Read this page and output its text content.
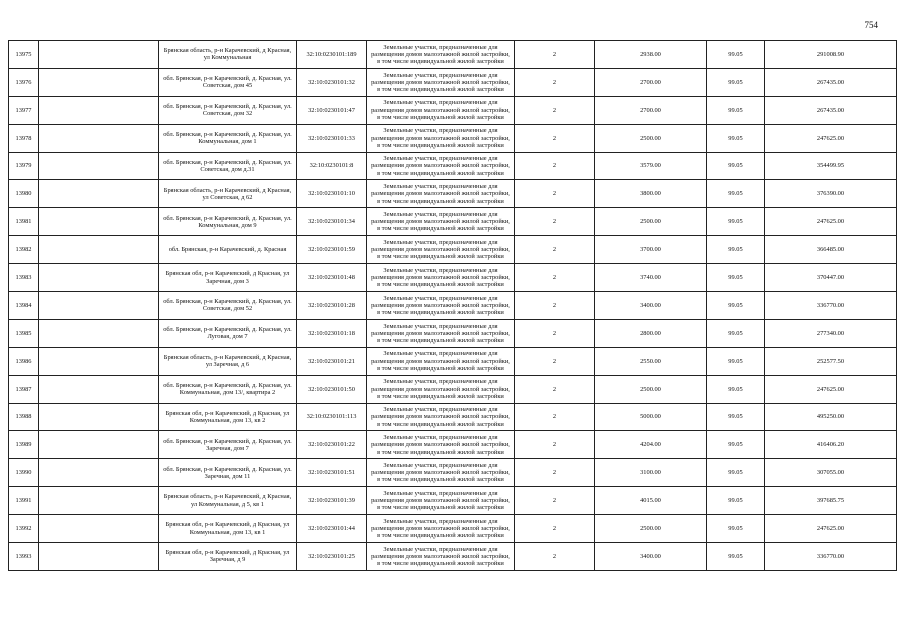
754
13975		Брянская область, р-н Карачевский, д Красная, ул Коммунальная	32:10:0230101:189	Земельные участки, предназначенные для размещения домов малоэтажной жилой застройки, в том числе индивидуальной жилой застройки	2	2938.00	99.05	291008.90
13976		обл. Брянская, р-н Карачевский, д. Красная, ул. Советская, дом 45	32:10:0230101:32	Земельные участки, предназначенные для размещения домов малоэтажной жилой застройки, в том числе индивидуальной жилой застройки	2	2700.00	99.05	267435.00
13977		обл. Брянская, р-н Карачевский, д. Красная, ул. Советская, дом 32	32:10:0230101:47	Земельные участки, предназначенные для размещения домов малоэтажной жилой застройки, в том числе индивидуальной жилой застройки	2	2700.00	99.05	267435.00
13978		обл. Брянская, р-н Карачевский, д. Красная, ул. Коммунальная, дом 1	32:10:0230101:33	Земельные участки, предназначенные для размещения домов малоэтажной жилой застройки, в том числе индивидуальной жилой застройки	2	2500.00	99.05	247625.00
13979		обл. Брянская, р-н Карачевский, д. Красная, ул. Советская, дом д.31	32:10:0230101:8	Земельные участки, предназначенные для размещения домов малоэтажной жилой застройки, в том числе индивидуальной жилой застройки	2	3579.00	99.05	354499.95
13980		Брянская область, р-н Карачевский, д Красная, ул Советская, д 62	32:10:0230101:10	Земельные участки, предназначенные для размещения домов малоэтажной жилой застройки, в том числе индивидуальной жилой застройки	2	3800.00	99.05	376390.00
13981		обл. Брянская, р-н Карачевский, д. Красная, ул. Коммунальная, дом 9	32:10:0230101:34	Земельные участки, предназначенные для размещения домов малоэтажной жилой застройки, в том числе индивидуальной жилой застройки	2	2500.00	99.05	247625.00
13982		обл. Брянская, р-н Карачевский, д. Красная	32:10:0230101:59	Земельные участки, предназначенные для размещения домов малоэтажной жилой застройки, в том числе индивидуальной жилой застройки	2	3700.00	99.05	366485.00
13983		Брянская обл, р-н Карачевский, д Красная, ул Заречная, дом 3	32:10:0230101:48	Земельные участки, предназначенные для размещения домов малоэтажной жилой застройки, в том числе индивидуальной жилой застройки	2	3740.00	99.05	370447.00
13984		обл. Брянская, р-н Карачевский, д. Красная, ул. Советская, дом 52	32:10:0230101:28	Земельные участки, предназначенные для размещения домов малоэтажной жилой застройки, в том числе индивидуальной жилой застройки	2	3400.00	99.05	336770.00
13985		обл. Брянская, р-н Карачевский, д. Красная, ул. Луговая, дом 7	32:10:0230101:18	Земельные участки, предназначенные для размещения домов малоэтажной жилой застройки, в том числе индивидуальной жилой застройки	2	2800.00	99.05	277340.00
13986		Брянская область, р-н Карачевский, д Красная, ул Заречная, д 6	32:10:0230101:21	Земельные участки, предназначенные для размещения домов малоэтажной жилой застройки, в том числе индивидуальной жилой застройки	2	2550.00	99.05	252577.50
13987		обл. Брянская, р-н Карачевский, д. Красная, ул. Коммунальная, дом 13/, квартира 2	32:10:0230101:50	Земельные участки, предназначенные для размещения домов малоэтажной жилой застройки, в том числе индивидуальной жилой застройки	2	2500.00	99.05	247625.00
13988		Брянская обл, р-н Карачевский, д Красная, ул Коммунальная, дом 13, кв 2	32:10:0230101:113	Земельные участки, предназначенные для размещения домов малоэтажной жилой застройки, в том числе индивидуальной жилой застройки	2	5000.00	99.05	495250.00
13989		обл. Брянская, р-н Карачевский, д. Красная, ул. Заречная, дом 7	32:10:0230101:22	Земельные участки, предназначенные для размещения домов малоэтажной жилой застройки, в том числе индивидуальной жилой застройки	2	4204.00	99.05	416406.20
13990		обл. Брянская, р-н Карачевский, д. Красная, ул. Заречная, дом 11	32:10:0230101:51	Земельные участки, предназначенные для размещения домов малоэтажной жилой застройки, в том числе индивидуальной жилой застройки	2	3100.00	99.05	307055.00
13991		Брянская область, р-н Карачевский, д Красная, ул Коммунальная, д 5, кв 1	32:10:0230101:39	Земельные участки, предназначенные для размещения домов малоэтажной жилой застройки, в том числе индивидуальной жилой застройки	2	4015.00	99.05	397685.75
13992		Брянская обл, р-н Карачевский, д Красная, ул Коммунальная, дом 13, кв 1	32:10:0230101:44	Земельные участки, предназначенные для размещения домов малоэтажной жилой застройки, в том числе индивидуальной жилой застройки	2	2500.00	99.05	247625.00
13993		Брянская обл, р-н Карачевский, д Красная, ул Заречная, д 9	32:10:0230101:25	Земельные участки, предназначенные для размещения домов малоэтажной жилой застройки, в том числе индивидуальной жилой застройки	2	3400.00	99.05	336770.00
